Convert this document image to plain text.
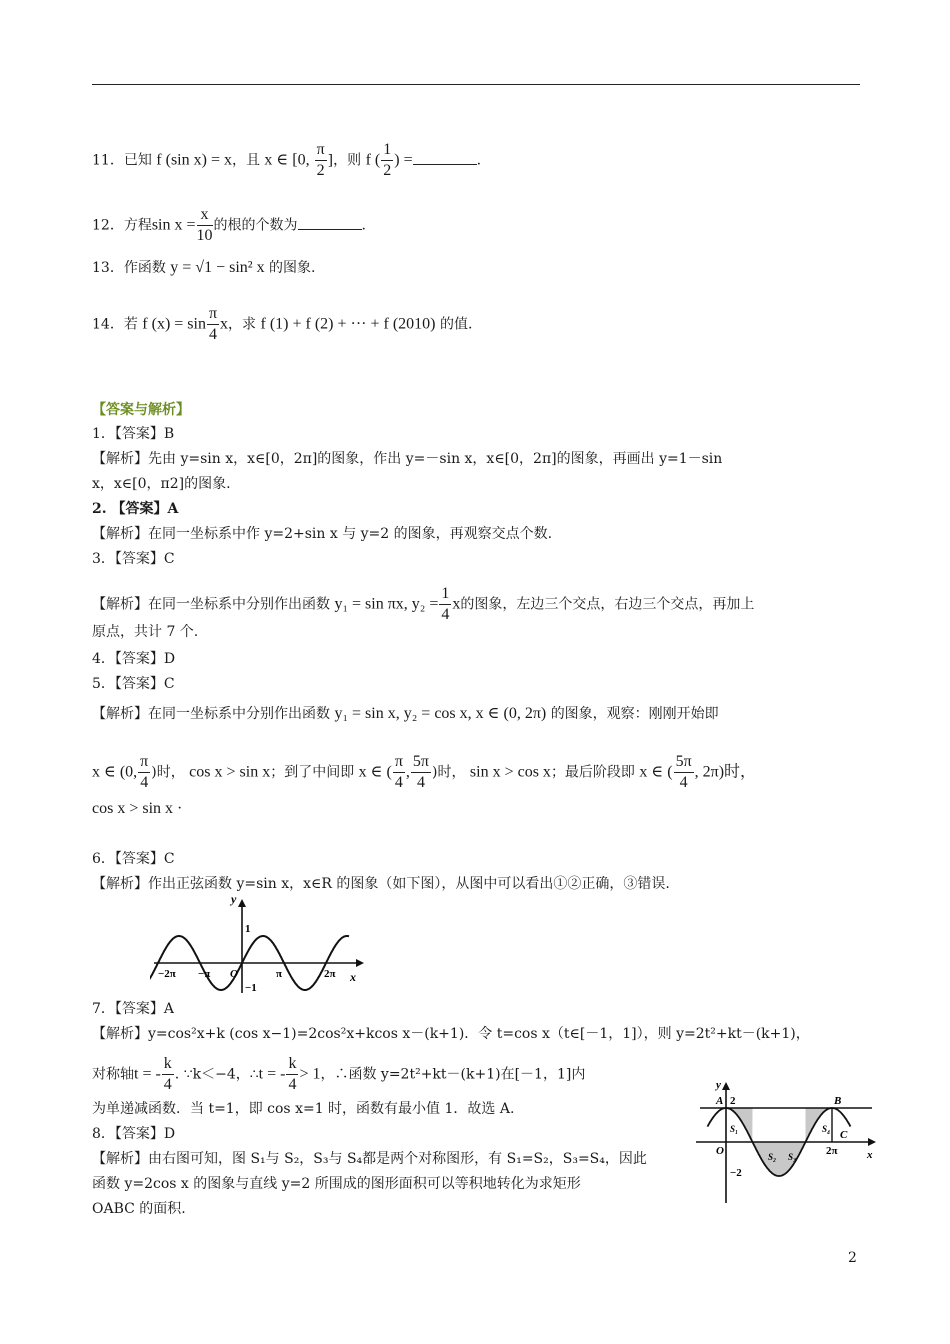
11．已知 f (sin x) = x，且 x ∈ [0, $\frac{\pi}{2}$ ]，则 f ( $\frac{1}{2}$ ) =	.
12．方程$\sin x = \frac{x}{10}$ 的根的个数为	.
13．作函数 y = √1 − sin² x 的图象.
14．若 f $(x) = \sin \frac{\pi}{4}$ x，求 f (1) + f (2) + ··· + f (2010) 的值.
【答案与解析】
1．【答案】B
【解析】先由 y=sin x，x∈[0，2π]的图象，作出 y=－sin x，x∈[0，2π]的图象，再画出 y=1－sin
x，x∈[0，π2]的图象.
2. 【答案】A
【解析】在同一坐标系中作 y=2+sin x 与 y=2 的图象，再观察交点个数.
3．【答案】C
【解析】在同一坐标系中分别作出函数 y₁ = sin πx, $y_2 = \frac{1}{4}$ x的图象，左边三个交点，右边三个交点，再加上
原点，共计 7 个.
4．【答案】D
5．【答案】C
【解析】在同一坐标系中分别作出函数 y₁ = sin x, y₂ = cos x, x ∈ (0, 2π) 的图象，观察：刚刚开始即
x ∈ (0, $\frac{\pi}{4}$ )时， cos x > sin x；到了中间即 x ∈ ( $\frac{\pi}{4}$ , $\frac{5\pi}{4}$ )时， sin x > cos x；最后阶段即 x ∈ ( $\frac{5\pi}{4}$ , 2π)时，
cos x > sin x ·
6．【答案】C
【解析】作出正弦函数 y=sin x，x∈R 的图象（如下图），从图中可以看出①②正确，③错误.
y
x
1
−1
−2π −π O	π	2π
7．【答案】A
【解析】y=cos²x+k (cos x−1)=2cos²x+kcos x－(k+1)．令 t=cos x（t∈[－1，1]），则 y=2t²+kt－(k+1)，
对称轴t = - $\frac{k}{4}$ . ∵k＜−4，∴t = - $\frac{k}{4} > 1$，∴函数 y=2t²+kt－(k+1)在[－1，1]内
为单递减函数．当 t=1，即 cos x=1 时，函数有最小值 1．故选 A.
8．【答案】D
【解析】由右图可知，图 S₁与 S₂，S₃与 S₄都是两个对称图形，有 S₁=S₂，S₃=S₄，因此
函数 y=2cos x 的图象与直线 y=2 所围成的图形面积可以等积地转化为求矩形
OABC 的面积.
y
x
A 2	B
C
O
−2
2π
S₁
S₂ S₃
S₄
2
